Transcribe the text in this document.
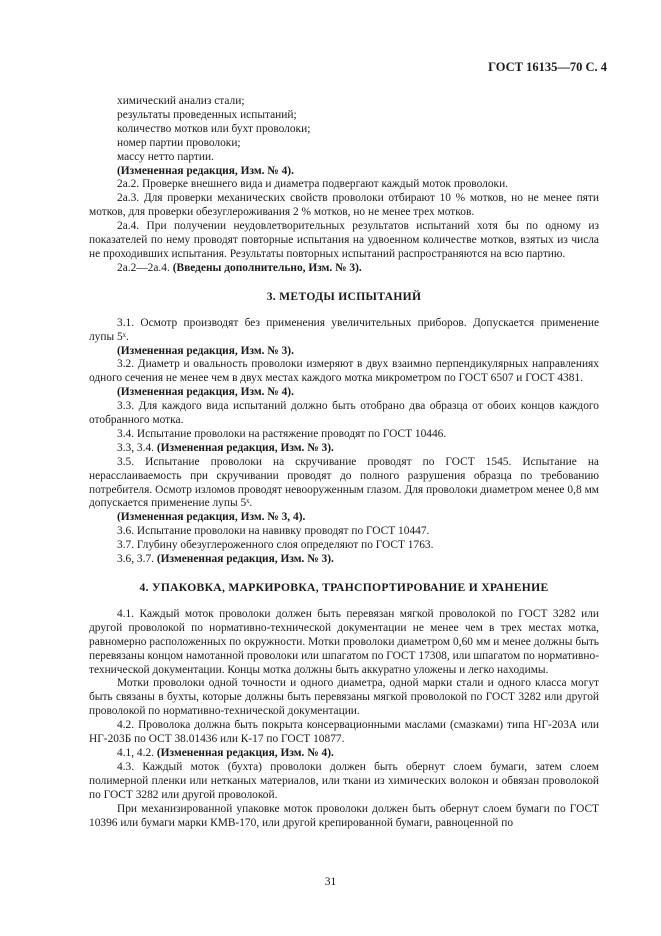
ГОСТ 16135—70 С. 4

химический анализ стали;

результаты проведенных испытаний;

количество мотков или бухт проволоки;

номер партии проволоки;

массу нетто партии.

(Измененная редакция, Изм. № 4).

2а.2. Проверке внешнего вида и диаметра подвергают каждый моток проволоки.

2а.3. Для проверки механических свойств проволоки отбирают 10 % мотков, но не менее пяти мотков, для проверки обезуглероживания 2 % мотков, но не менее трех мотков.

2а.4. При получении неудовлетворительных результатов испытаний хотя бы по одному из показателей по нему проводят повторные испытания на удвоенном количестве мотков, взятых из числа не проходивших испытания. Результаты повторных испытаний распространяются на всю партию.

2а.2—2а.4. (Введены дополнительно, Изм. № 3).

3. МЕТОДЫ ИСПЫТАНИЙ

3.1. Осмотр производят без применения увеличительных приборов. Допускается применение лупы 5ˣ.

(Измененная редакция, Изм. № 3).

3.2. Диаметр и овальность проволоки измеряют в двух взаимно перпендикулярных направлениях одного сечения не менее чем в двух местах каждого мотка микрометром по ГОСТ 6507 и ГОСТ 4381.

(Измененная редакция, Изм. № 4).

3.3. Для каждого вида испытаний должно быть отобрано два образца от обоих концов каждого отобранного мотка.

3.4. Испытание проволоки на растяжение проводят по ГОСТ 10446.

3.3, 3.4. (Измененная редакция, Изм. № 3).

3.5. Испытание проволоки на скручивание проводят по ГОСТ 1545. Испытание на нерасслаиваемость при скручивании проводят до полного разрушения образца по требованию потребителя. Осмотр изломов проводят невооруженным глазом. Для проволоки диаметром менее 0,8 мм допускается применение лупы 5ˣ.

(Измененная редакция, Изм. № 3, 4).

3.6. Испытание проволоки на навивку проводят по ГОСТ 10447.

3.7. Глубину обезуглероженного слоя определяют по ГОСТ 1763.

3.6, 3.7. (Измененная редакция, Изм. № 3).

4. УПАКОВКА, МАРКИРОВКА, ТРАНСПОРТИРОВАНИЕ И ХРАНЕНИЕ

4.1. Каждый моток проволоки должен быть перевязан мягкой проволокой по ГОСТ 3282 или другой проволокой по нормативно-технической документации не менее чем в трех местах мотка, равномерно расположенных по окружности. Мотки проволоки диаметром 0,60 мм и менее должны быть перевязаны концом намотанной проволоки или шпагатом по ГОСТ 17308, или шпагатом по нормативно-технической документации. Концы мотка должны быть аккуратно уложены и легко находимы.

Мотки проволоки одной точности и одного диаметра, одной марки стали и одного класса могут быть связаны в бухты, которые должны быть перевязаны мягкой проволокой по ГОСТ 3282 или другой проволокой по нормативно-технической документации.

4.2. Проволока должна быть покрыта консервационными маслами (смазками) типа НГ-203А или НГ-203Б по ОСТ 38.01436 или К-17 по ГОСТ 10877.

4.1, 4.2. (Измененная редакция, Изм. № 4).

4.3. Каждый моток (бухта) проволоки должен быть обернут слоем бумаги, затем слоем полимерной пленки или нетканых материалов, или ткани из химических волокон и обвязан проволокой по ГОСТ 3282 или другой проволокой.

При механизированной упаковке моток проволоки должен быть обернут слоем бумаги по ГОСТ 10396 или бумаги марки КМВ-170, или другой крепированной бумаги, равноценной по

31
